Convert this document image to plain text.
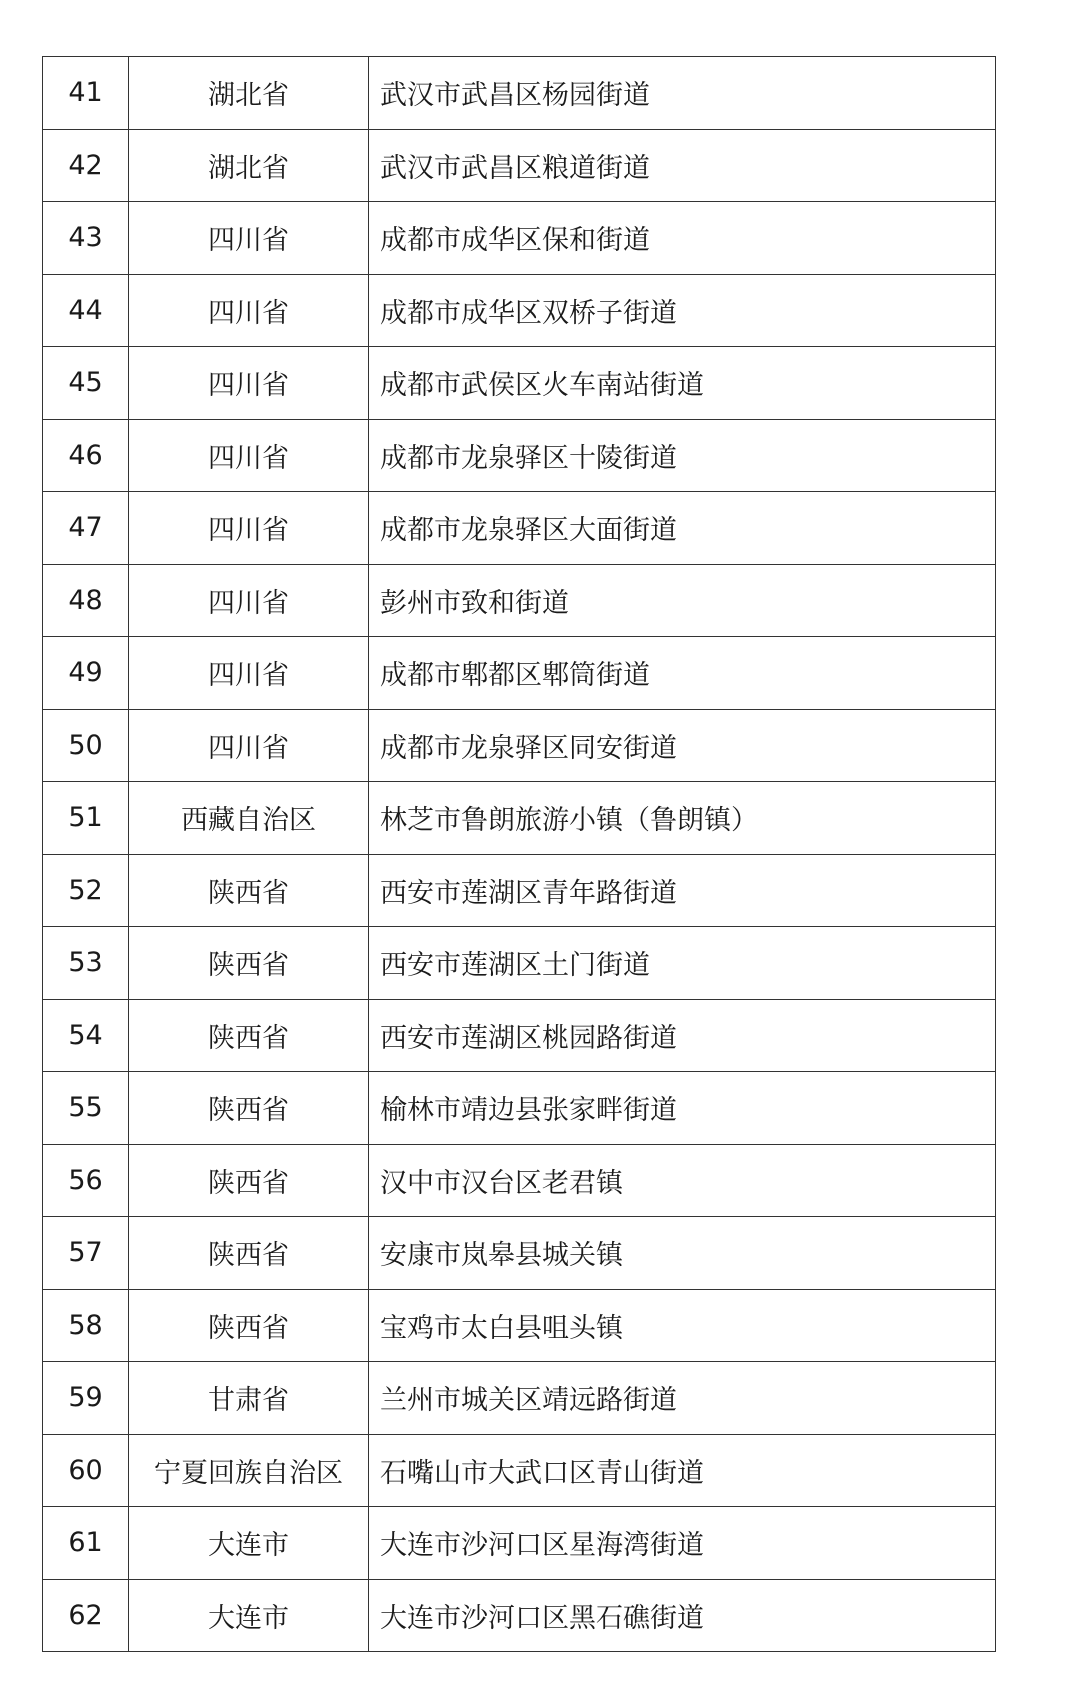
41	湖北省	武汉市武昌区杨园街道
42	湖北省	武汉市武昌区粮道街道
43	四川省	成都市成华区保和街道
44	四川省	成都市成华区双桥子街道
45	四川省	成都市武侯区火车南站街道
46	四川省	成都市龙泉驿区十陵街道
47	四川省	成都市龙泉驿区大面街道
48	四川省	彭州市致和街道
49	四川省	成都市郫都区郫筒街道
50	四川省	成都市龙泉驿区同安街道
51	西藏自治区	林芝市鲁朗旅游小镇（鲁朗镇）
52	陕西省	西安市莲湖区青年路街道
53	陕西省	西安市莲湖区土门街道
54	陕西省	西安市莲湖区桃园路街道
55	陕西省	榆林市靖边县张家畔街道
56	陕西省	汉中市汉台区老君镇
57	陕西省	安康市岚皋县城关镇
58	陕西省	宝鸡市太白县咀头镇
59	甘肃省	兰州市城关区靖远路街道
60	宁夏回族自治区	石嘴山市大武口区青山街道
61	大连市	大连市沙河口区星海湾街道
62	大连市	大连市沙河口区黑石礁街道
